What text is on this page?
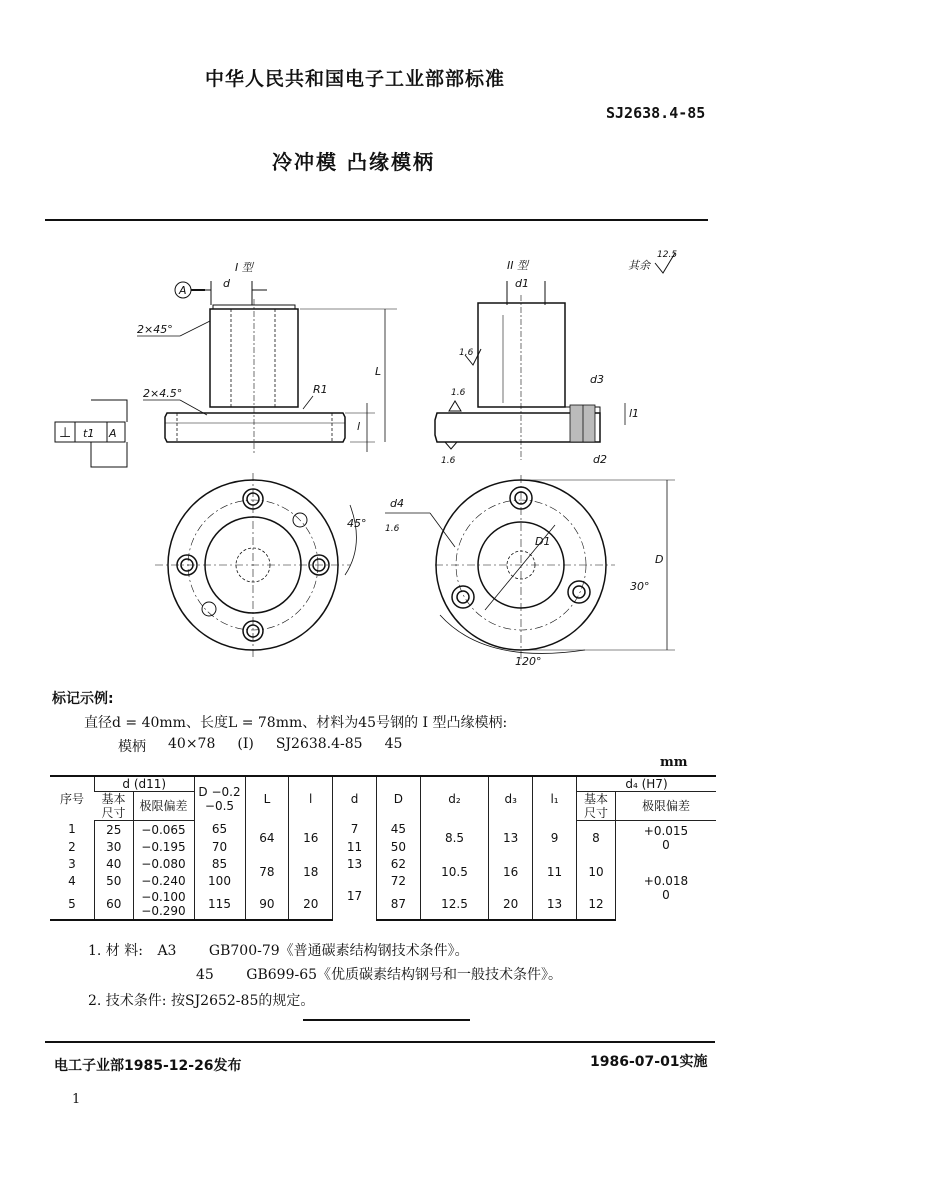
中华人民共和国电子工业部部标准
SJ2638.4-85
冷冲模 凸缘模柄
I 型
d
A
2×45°
2×4.5°	R1
L
l
⊥ t1 A
II 型
d1
其余
12.5
d3
d2
l1
1.6
1.6
1.6
45°
D1
d4
1.6
D
30°
120°
标记示例:
直径d = 40mm、长度L = 78mm、材料为45号钢的 I 型凸缘模柄:
模柄 40×78 (I) SJ2638.4-85 45
mm
序号	d (d11)		D −0.2 −0.5	L	l	d	D	d₂	d₃	l₁	d₄ (H7)	
	基本尺寸	极限偏差									基本尺寸	极限偏差
1	25	−0.065	65	64	16	7	45	8.5	13	9	8	+0.015
0
2	30	−0.195	70			11	50					
3	40	−0.080	85	78	18	13	62	10.5	16	11	10	+0.018
0
4	50	−0.240	100			17	72					
5	60	−0.100
−0.290	115	90	20		87	12.5	20	13	12	
1. 材 料: A3 GB700-79《普通碳素结构钢技术条件》。
45 GB699-65《优质碳素结构钢号和一般技术条件》。
2. 技术条件: 按SJ2652-85的规定。
电工子业部1985-12-26发布	1986-07-01实施
1
